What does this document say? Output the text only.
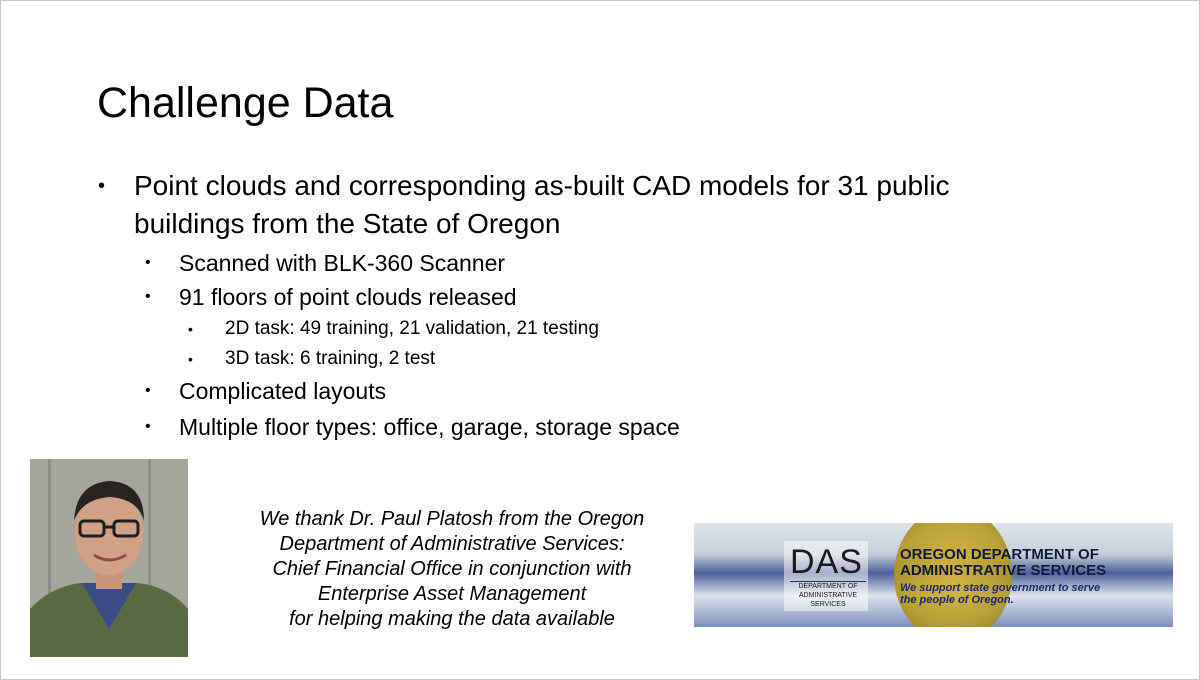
Challenge Data
• Point clouds and corresponding as-built CAD models for 31 public
buildings from the State of Oregon
• Scanned with BLK-360 Scanner
• 91 floors of point clouds released
• 2D task: 49 training, 21 validation, 21 testing
• 3D task: 6 training, 2 test
• Complicated layouts
• Multiple floor types: office, garage, storage space
We thank Dr. Paul Platosh from the Oregon
Department of Administrative Services:
Chief Financial Office in conjunction with
Enterprise Asset Management
for helping making the data available
DAS
DEPARTMENT OF
ADMINISTRATIVE
SERVICES
OREGON DEPARTMENT OF
ADMINISTRATIVE SERVICES
We support state government to serve
the people of Oregon.
